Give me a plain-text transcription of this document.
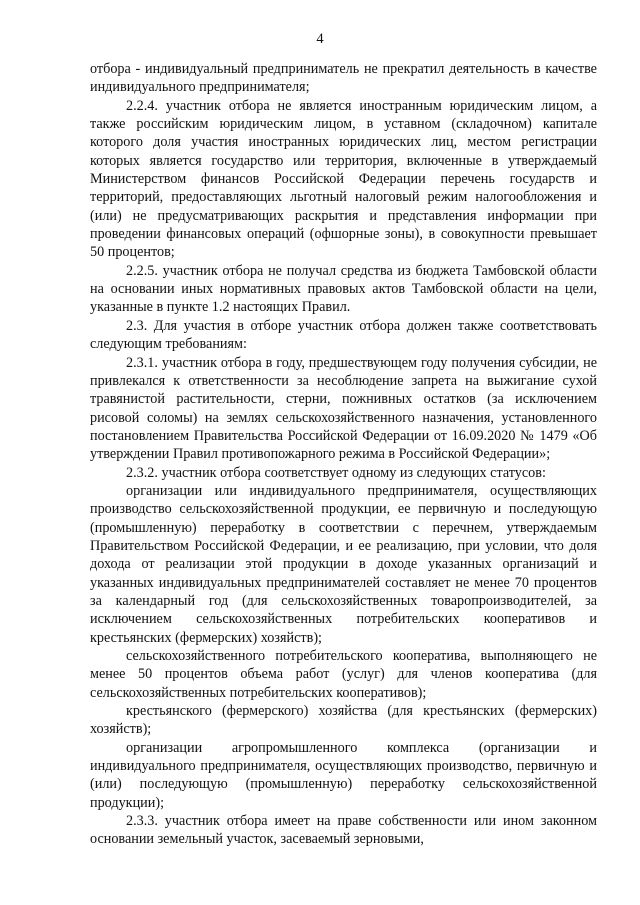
4

отбора - индивидуальный предприниматель не прекратил деятельность в качестве индивидуального предпринимателя;

2.2.4. участник отбора не является иностранным юридическим лицом, а также российским юридическим лицом, в уставном (складочном) капитале которого доля участия иностранных юридических лиц, местом регистрации которых является государство или территория, включенные в утверждаемый Министерством финансов Российской Федерации перечень государств и территорий, предоставляющих льготный налоговый режим налогообложения и (или) не предусматривающих раскрытия и представления информации при проведении финансовых операций (офшорные зоны), в совокупности превышает 50 процентов;

2.2.5. участник отбора не получал средства из бюджета Тамбовской области на основании иных нормативных правовых актов Тамбовской области на цели, указанные в пункте 1.2 настоящих Правил.

2.3. Для участия в отборе участник отбора должен также соответствовать следующим требованиям:

2.3.1. участник отбора в году, предшествующем году получения субсидии, не привлекался к ответственности за несоблюдение запрета на выжигание сухой травянистой растительности, стерни, пожнивных остатков (за исключением рисовой соломы) на землях сельскохозяйственного назначения, установленного постановлением Правительства Российской Федерации от 16.09.2020 № 1479 «Об утверждении Правил противопожарного режима в Российской Федерации»;

2.3.2. участник отбора соответствует одному из следующих статусов:

организации или индивидуального предпринимателя, осуществляющих производство сельскохозяйственной продукции, ее первичную и последующую (промышленную) переработку в соответствии с перечнем, утверждаемым Правительством Российской Федерации, и ее реализацию, при условии, что доля дохода от реализации этой продукции в доходе указанных организаций и указанных индивидуальных предпринимателей составляет не менее 70 процентов за календарный год (для сельскохозяйственных товаропроизводителей, за исключением сельскохозяйственных потребительских кооперативов и крестьянских (фермерских) хозяйств);

сельскохозяйственного потребительского кооператива, выполняющего не менее 50 процентов объема работ (услуг) для членов кооператива (для сельскохозяйственных потребительских кооперативов);

крестьянского (фермерского) хозяйства (для крестьянских (фермерских) хозяйств);

организации агропромышленного комплекса (организации и индивидуального предпринимателя, осуществляющих производство, первичную и (или) последующую (промышленную) переработку сельскохозяйственной продукции);

2.3.3. участник отбора имеет на праве собственности или ином законном основании земельный участок, засеваемый зерновыми,
